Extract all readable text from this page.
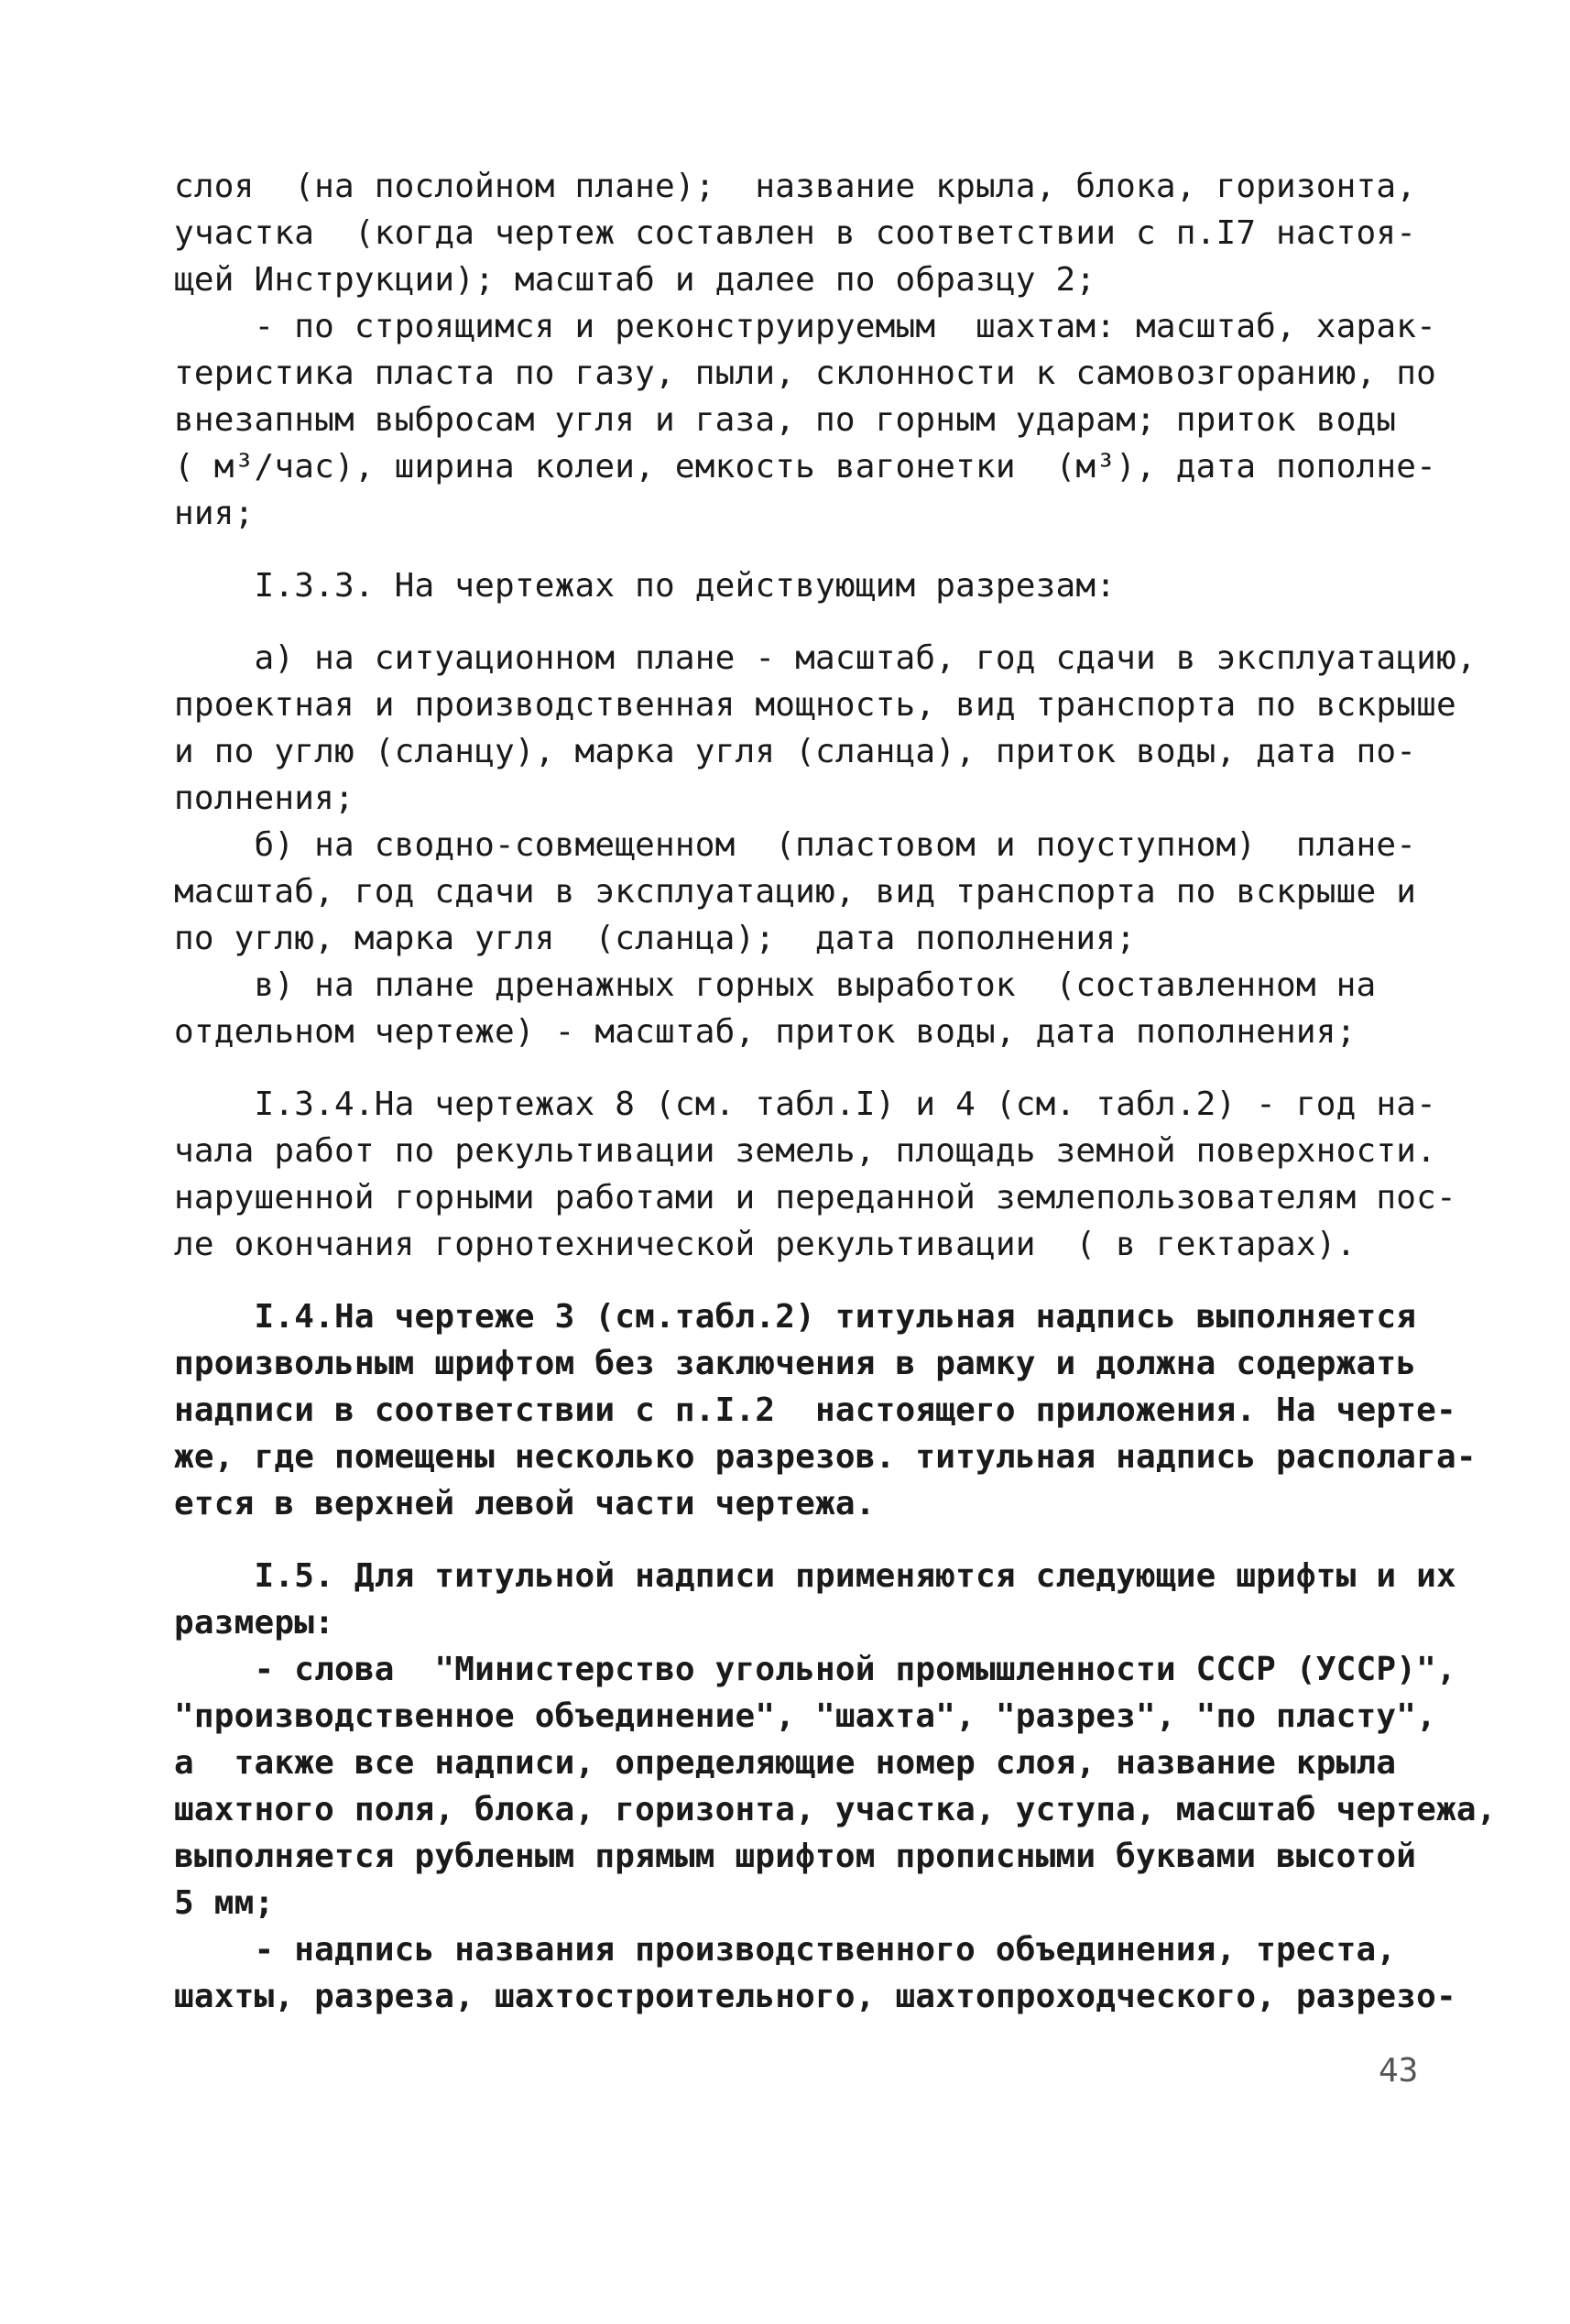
слоя  (на послойном плане);  название крыла, блока, горизонта,
участка  (когда чертеж составлен в соответствии с п.I7 настоя-
щей Инструкции); масштаб и далее по образцу 2;
- по строящимся и реконструируемым  шахтам: масштаб, харак-
теристика пласта по газу, пыли, склонности к самовозгоранию, по
внезапным выбросам угля и газа, по горным ударам; приток воды
( м³/час), ширина колеи, емкость вагонетки  (м³), дата пополне-
ния;
I.3.3. На чертежах по действующим разрезам:
а) на ситуационном плане - масштаб, год сдачи в эксплуатацию,
проектная и производственная мощность, вид транспорта по вскрыше
и по углю (сланцу), марка угля (сланца), приток воды, дата по-
полнения;
б) на сводно-совмещенном  (пластовом и поуступном)  плане-
масштаб, год сдачи в эксплуатацию, вид транспорта по вскрыше и
по углю, марка угля  (сланца);  дата пополнения;
в) на плане дренажных горных выработок  (составленном на
отдельном чертеже) - масштаб, приток воды, дата пополнения;
I.3.4.На чертежах 8 (см. табл.I) и 4 (см. табл.2) - год на-
чала работ по рекультивации земель, площадь земной поверхности.
нарушенной горными работами и переданной землепользователям пос-
ле окончания горнотехнической рекультивации  ( в гектарах).
I.4.На чертеже 3 (см.табл.2) титульная надпись выполняется
произвольным шрифтом без заключения в рамку и должна содержать
надписи в соответствии с п.I.2  настоящего приложения. На черте-
же, где помещены несколько разрезов. титульная надпись располага-
ется в верхней левой части чертежа.
I.5. Для титульной надписи применяются следующие шрифты и их
размеры:
- слова  "Министерство угольной промышленности СССР (УССР)",
"производственное объединение", "шахта", "разрез", "по пласту",
а  также все надписи, определяющие номер слоя, название крыла
шахтного поля, блока, горизонта, участка, уступа, масштаб чертежа,
выполняется рубленым прямым шрифтом прописными буквами высотой
5 мм;
- надпись названия производственного объединения, треста,
шахты, разреза, шахтостроительного, шахтопроходческого, разрезо-
43
